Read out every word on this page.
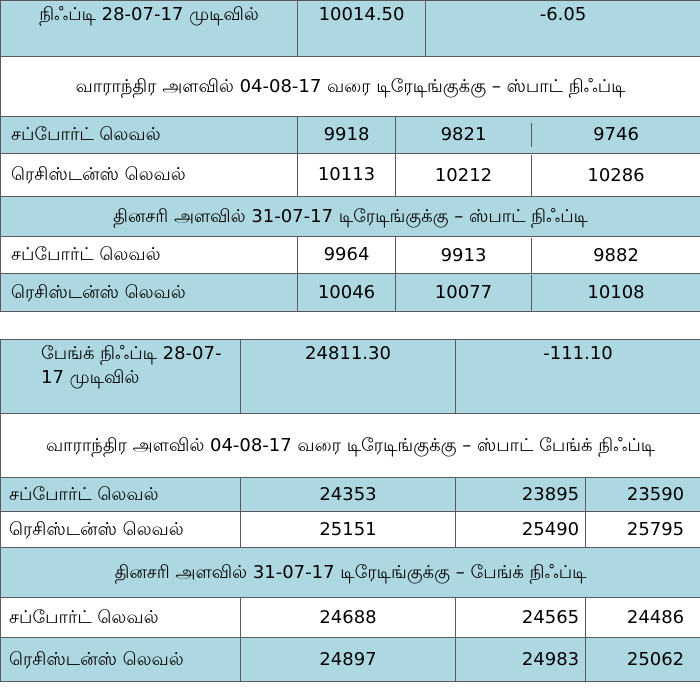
நிஃப்டி 28-07-17 முடிவில்	10014.50		-6.05
வாராந்திர அளவில் 04-08-17 வரை டிரேடிங்குக்கு – ஸ்பாட் நிஃப்டி			
சப்போர்ட் லெவல்	9918	9821 9746	

ரெசிஸ்டன்ஸ் லெவல்	10113	10212 10286	

தினசரி அளவில் 31-07-17 டிரேடிங்குக்கு – ஸ்பாட் நிஃப்டி			
சப்போர்ட் லெவல்	9964	9913 9882	

ரெசிஸ்டன்ஸ் லெவல்	10046	10077 10108	
பேங்க் நிஃப்டி 28-07-17 முடிவில்	24811.30	-111.10	
வாராந்திர அளவில் 04-08-17 வரை டிரேடிங்குக்கு – ஸ்பாட் பேங்க் நிஃப்டி			
சப்போர்ட் லெவல்	24353	23895	23590
ரெசிஸ்டன்ஸ் லெவல்	25151	25490	25795
தினசரி அளவில் 31-07-17 டிரேடிங்குக்கு – பேங்க் நிஃப்டி			
சப்போர்ட் லெவல்	24688	24565	24486
ரெசிஸ்டன்ஸ் லெவல்	24897	24983	25062
